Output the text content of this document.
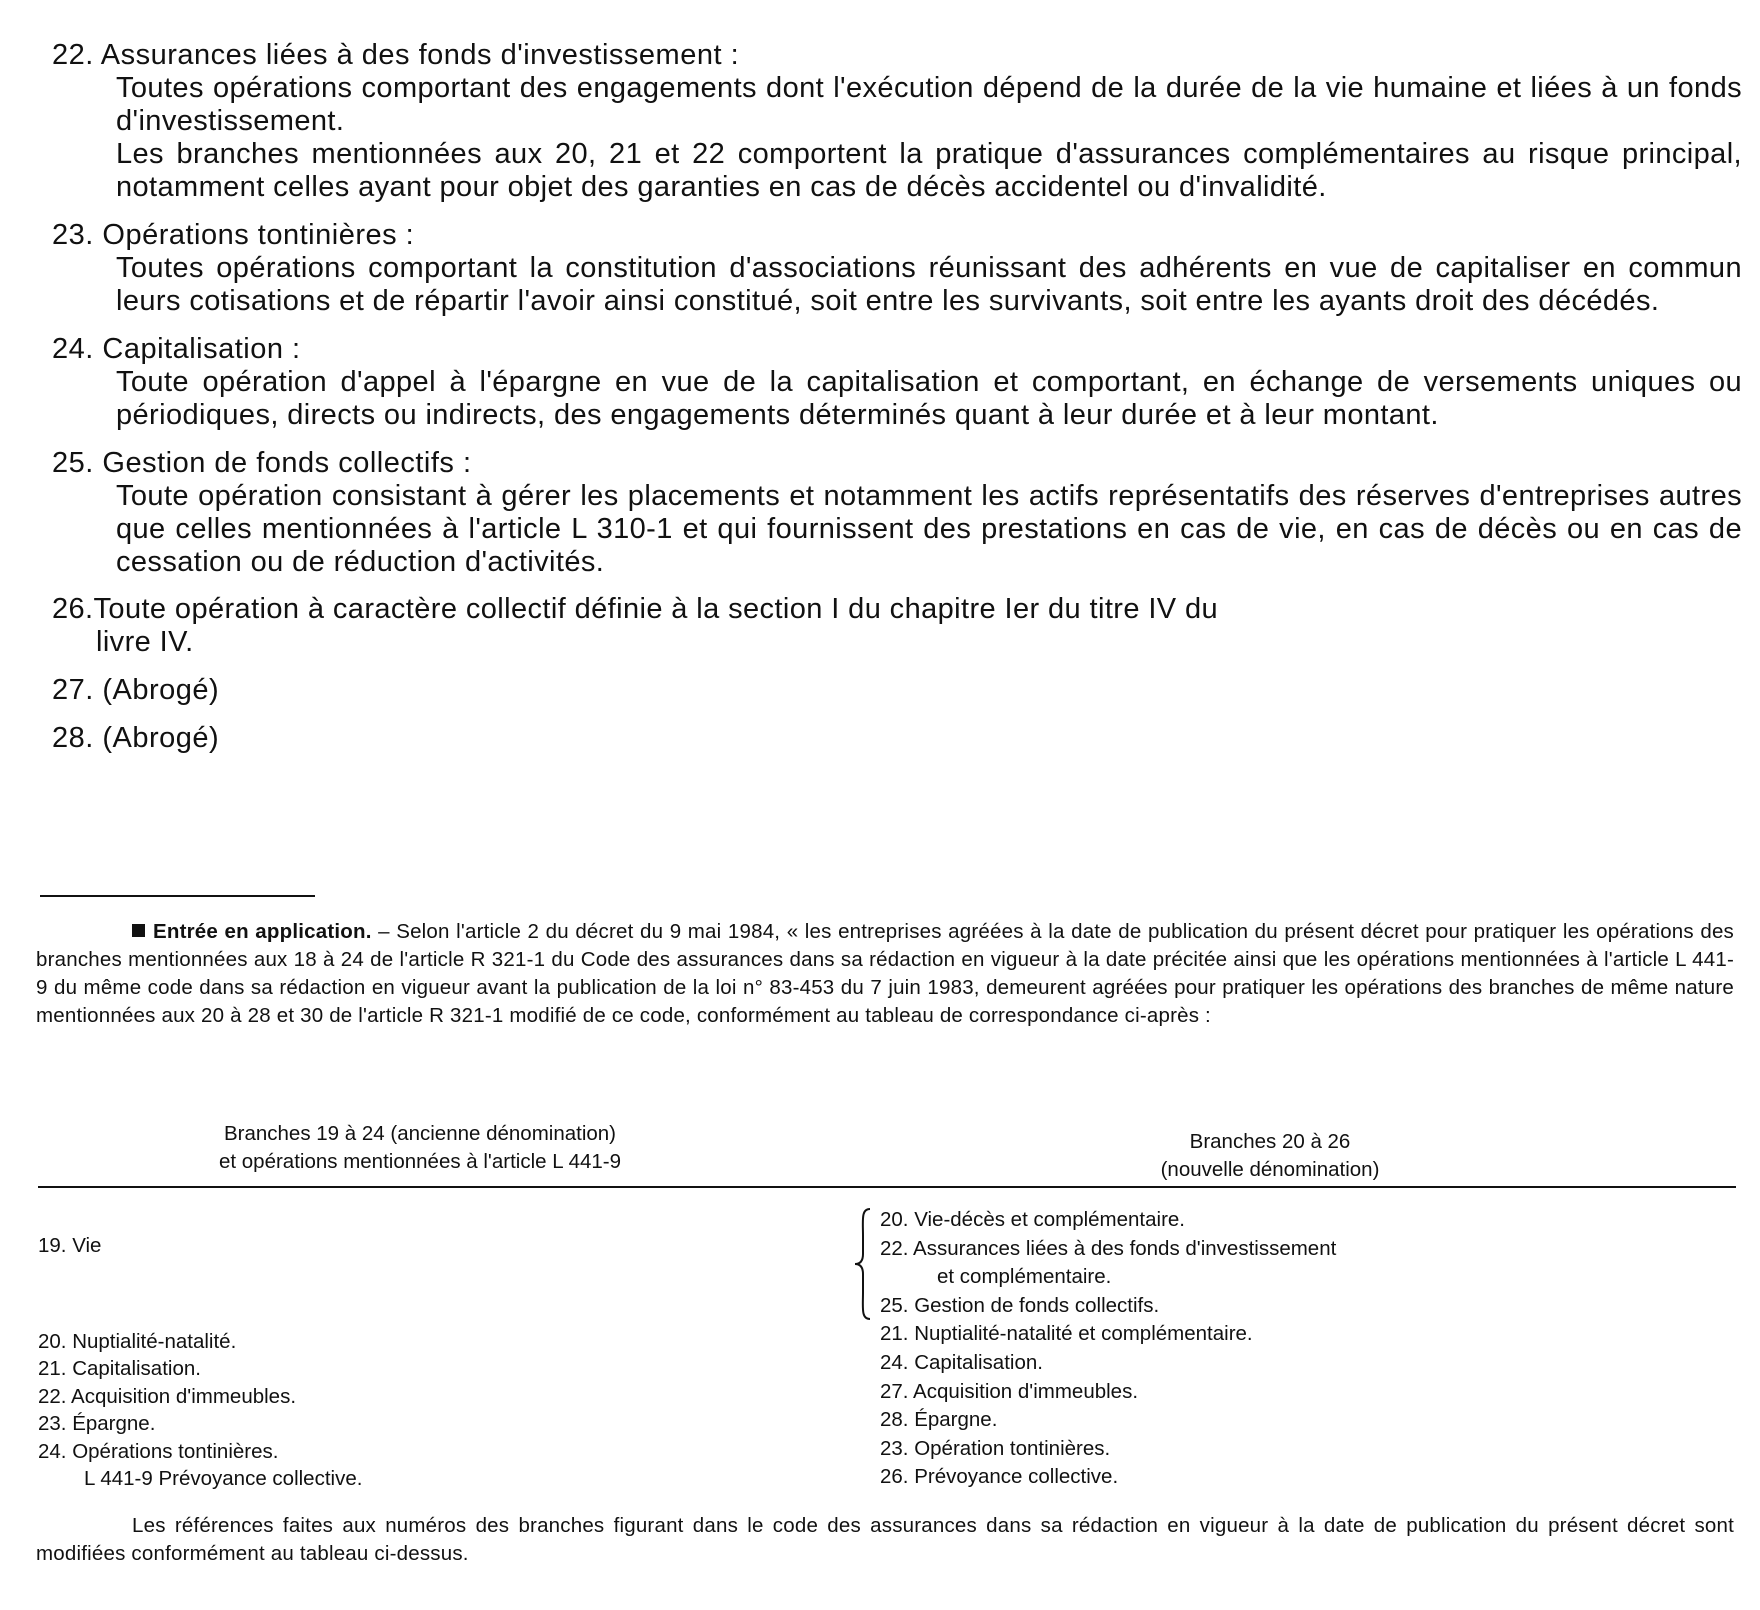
22. Assurances liées à des fonds d'investissement :

Toutes opérations comportant des engagements dont l'exécution dépend de la durée de la vie humaine et liées à un fonds d'investissement.

Les branches mentionnées aux 20, 21 et 22 comportent la pratique d'assurances complémentaires au risque principal, notamment celles ayant pour objet des garanties en cas de décès accidentel ou d'invalidité.

23. Opérations tontinières :

Toutes opérations comportant la constitution d'associations réunissant des adhérents en vue de capitaliser en commun leurs cotisations et de répartir l'avoir ainsi constitué, soit entre les survivants, soit entre les ayants droit des décédés.

24. Capitalisation :

Toute opération d'appel à l'épargne en vue de la capitalisation et comportant, en échange de versements uniques ou périodiques, directs ou indirects, des engagements déterminés quant à leur durée et à leur montant.

25. Gestion de fonds collectifs :

Toute opération consistant à gérer les placements et notamment les actifs représentatifs des réserves d'entreprises autres que celles mentionnées à l'article L 310-1 et qui fournissent des prestations en cas de vie, en cas de décès ou en cas de cessation ou de réduction d'activités.

26.Toute opération à caractère collectif définie à la section I du chapitre Ier du titre IV du
livre IV.
27. (Abrogé)
28. (Abrogé)
Entrée en application. – Selon l'article 2 du décret du 9 mai 1984, « les entreprises agréées à la date de publication du présent décret pour pratiquer les opérations des branches mentionnées aux 18 à 24 de l'article R 321-1 du Code des assurances dans sa rédaction en vigueur à la date précitée ainsi que les opérations mentionnées à l'article L 441-9 du même code dans sa rédaction en vigueur avant la publication de la loi n° 83-453 du 7 juin 1983, demeurent agréées pour pratiquer les opérations des branches de même nature mentionnées aux 20 à 28 et 30 de l'article R 321-1 modifié de ce code, conformément au tableau de correspondance ci-après :
Branches 19 à 24 (ancienne dénomination)
et opérations mentionnées à l'article L 441-9
Branches 20 à 26
(nouvelle dénomination)
19. Vie
20. Nuptialité-natalité.
21. Capitalisation.
22. Acquisition d'immeubles.
23. Épargne.
24. Opérations tontinières.
L 441-9 Prévoyance collective.
20. Vie-décès et complémentaire.
22. Assurances liées à des fonds d'investissement
et complémentaire.
25. Gestion de fonds collectifs.
21. Nuptialité-natalité et complémentaire.
24. Capitalisation.
27. Acquisition d'immeubles.
28. Épargne.
23. Opération tontinières.
26. Prévoyance collective.
Les références faites aux numéros des branches figurant dans le code des assurances dans sa rédaction en vigueur à la date de publication du présent décret sont modifiées conformément au tableau ci-dessus.
